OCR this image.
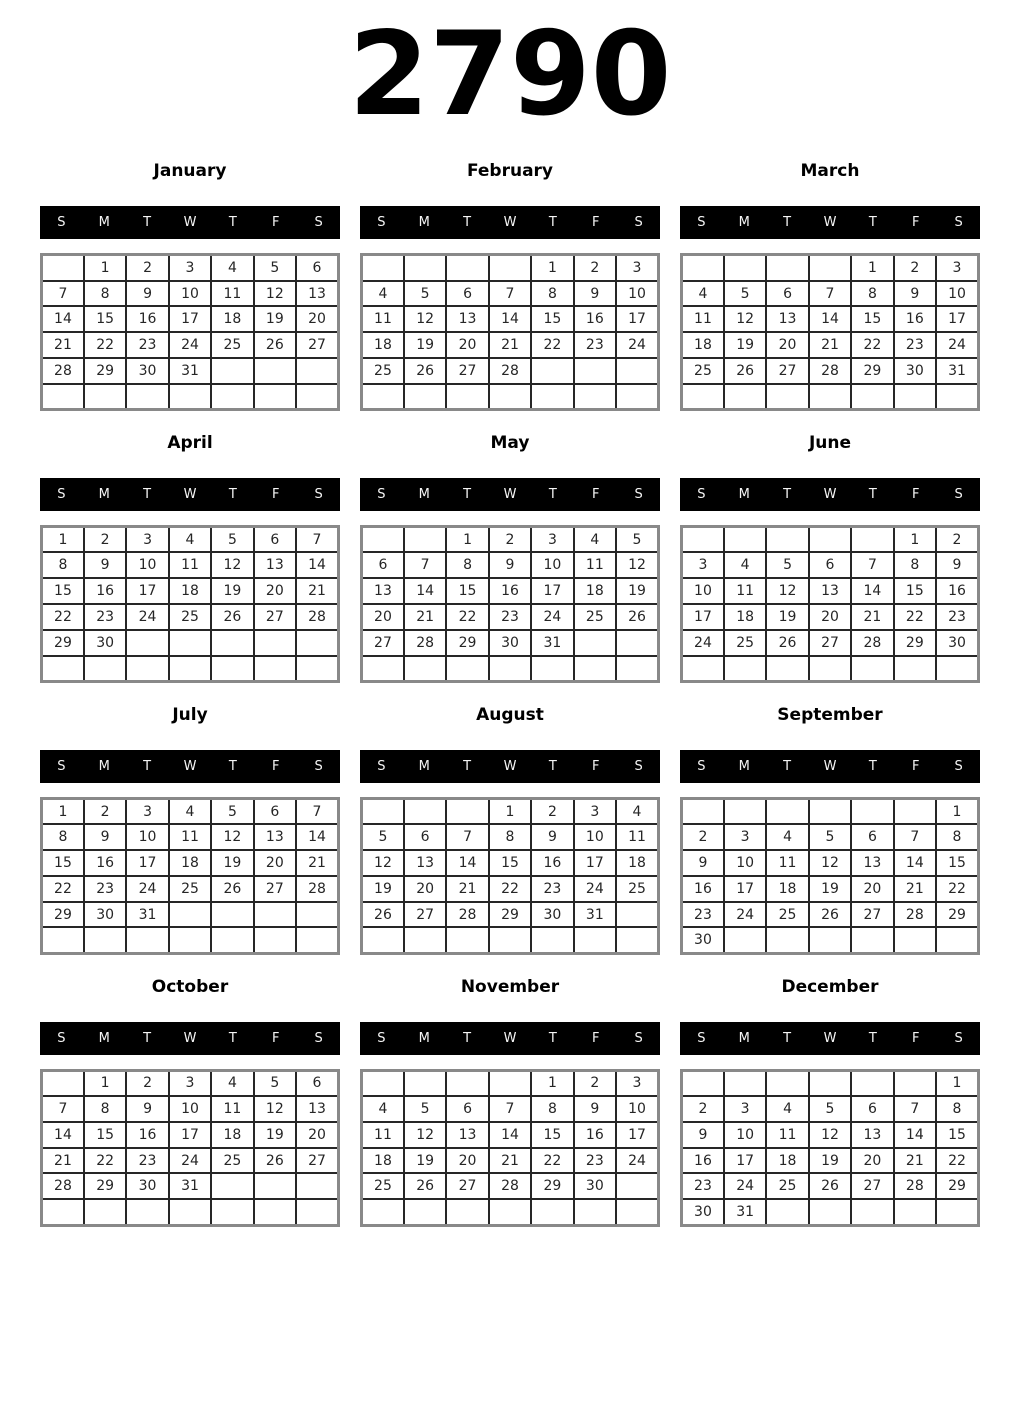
2790
January
S	M	T	W	T	F	S
	1	2	3	4	5	6
7	8	9	10	11	12	13
14	15	16	17	18	19	20
21	22	23	24	25	26	27
28	29	30	31			

February
S	M	T	W	T	F	S
				1	2	3
4	5	6	7	8	9	10
11	12	13	14	15	16	17
18	19	20	21	22	23	24
25	26	27	28			

March
S	M	T	W	T	F	S
				1	2	3
4	5	6	7	8	9	10
11	12	13	14	15	16	17
18	19	20	21	22	23	24
25	26	27	28	29	30	31

April
S	M	T	W	T	F	S
1	2	3	4	5	6	7
8	9	10	11	12	13	14
15	16	17	18	19	20	21
22	23	24	25	26	27	28
29	30					

May
S	M	T	W	T	F	S
		1	2	3	4	5
6	7	8	9	10	11	12
13	14	15	16	17	18	19
20	21	22	23	24	25	26
27	28	29	30	31		

June
S	M	T	W	T	F	S
					1	2
3	4	5	6	7	8	9
10	11	12	13	14	15	16
17	18	19	20	21	22	23
24	25	26	27	28	29	30

July
S	M	T	W	T	F	S
1	2	3	4	5	6	7
8	9	10	11	12	13	14
15	16	17	18	19	20	21
22	23	24	25	26	27	28
29	30	31				

August
S	M	T	W	T	F	S
			1	2	3	4
5	6	7	8	9	10	11
12	13	14	15	16	17	18
19	20	21	22	23	24	25
26	27	28	29	30	31	

September
S	M	T	W	T	F	S
						1
2	3	4	5	6	7	8
9	10	11	12	13	14	15
16	17	18	19	20	21	22
23	24	25	26	27	28	29
30						
October
S	M	T	W	T	F	S
	1	2	3	4	5	6
7	8	9	10	11	12	13
14	15	16	17	18	19	20
21	22	23	24	25	26	27
28	29	30	31			

November
S	M	T	W	T	F	S
				1	2	3
4	5	6	7	8	9	10
11	12	13	14	15	16	17
18	19	20	21	22	23	24
25	26	27	28	29	30	

December
S	M	T	W	T	F	S
						1
2	3	4	5	6	7	8
9	10	11	12	13	14	15
16	17	18	19	20	21	22
23	24	25	26	27	28	29
30	31					
